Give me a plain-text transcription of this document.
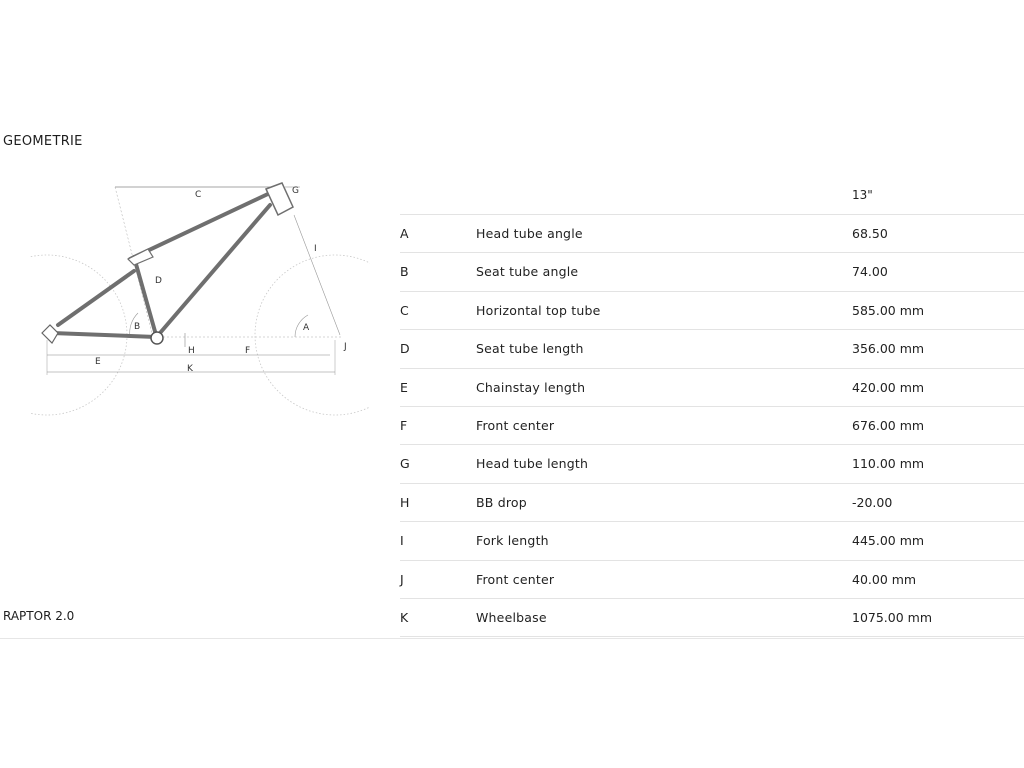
GEOMETRIE
C	G
I
D
B	A
J
H	F
E
K
RAPTOR 2.0
13"
A	Head tube angle	68.50
B	Seat tube angle	74.00
C	Horizontal top tube	585.00 mm
D	Seat tube length	356.00 mm
E	Chainstay length	420.00 mm
F	Front center	676.00 mm
G	Head tube length	110.00 mm
H	BB drop	-20.00
I	Fork length	445.00 mm
J	Front center	40.00 mm
K	Wheelbase	1075.00 mm
